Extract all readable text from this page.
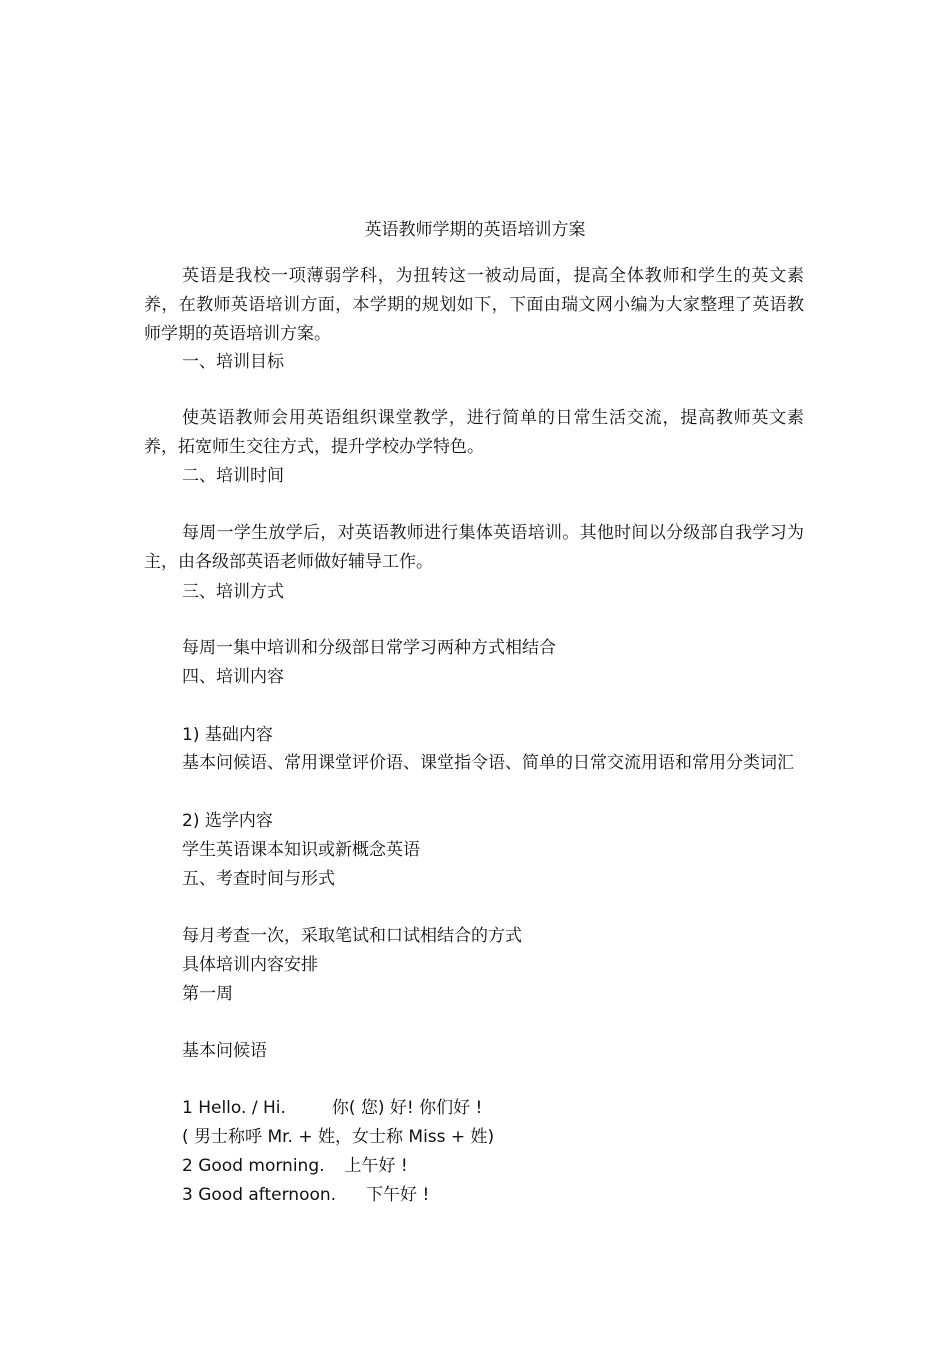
英语教师学期的英语培训方案

英语是我校一项薄弱学科，为扭转这一被动局面，提高全体教师和学生的英文素养，在教师英语培训方面，本学期的规划如下，下面由瑞文网小编为大家整理了英语教师学期的英语培训方案。

一、培训目标

使英语教师会用英语组织课堂教学，进行简单的日常生活交流，提高教师英文素养，拓宽师生交往方式，提升学校办学特色。

二、培训时间

每周一学生放学后，对英语教师进行集体英语培训。其他时间以分级部自我学习为主，由各级部英语老师做好辅导工作。

三、培训方式
每周一集中培训和分级部日常学习两种方式相结合
四、培训内容
1) 基础内容

基本问候语、常用课堂评价语、课堂指令语、简单的日常交流用语和常用分类词汇

2) 选学内容
学生英语课本知识或新概念英语
五、考查时间与形式
每月考查一次，采取笔试和口试相结合的方式
具体培训内容安排
第一周
基本问候语
1 Hello. / Hi.	你( 您) 好! 你们好 !
( 男士称呼 Mr. + 姓，女士称 Miss + 姓)
2 Good morning. 上午好 !
3 Good afternoon. 下午好 !
